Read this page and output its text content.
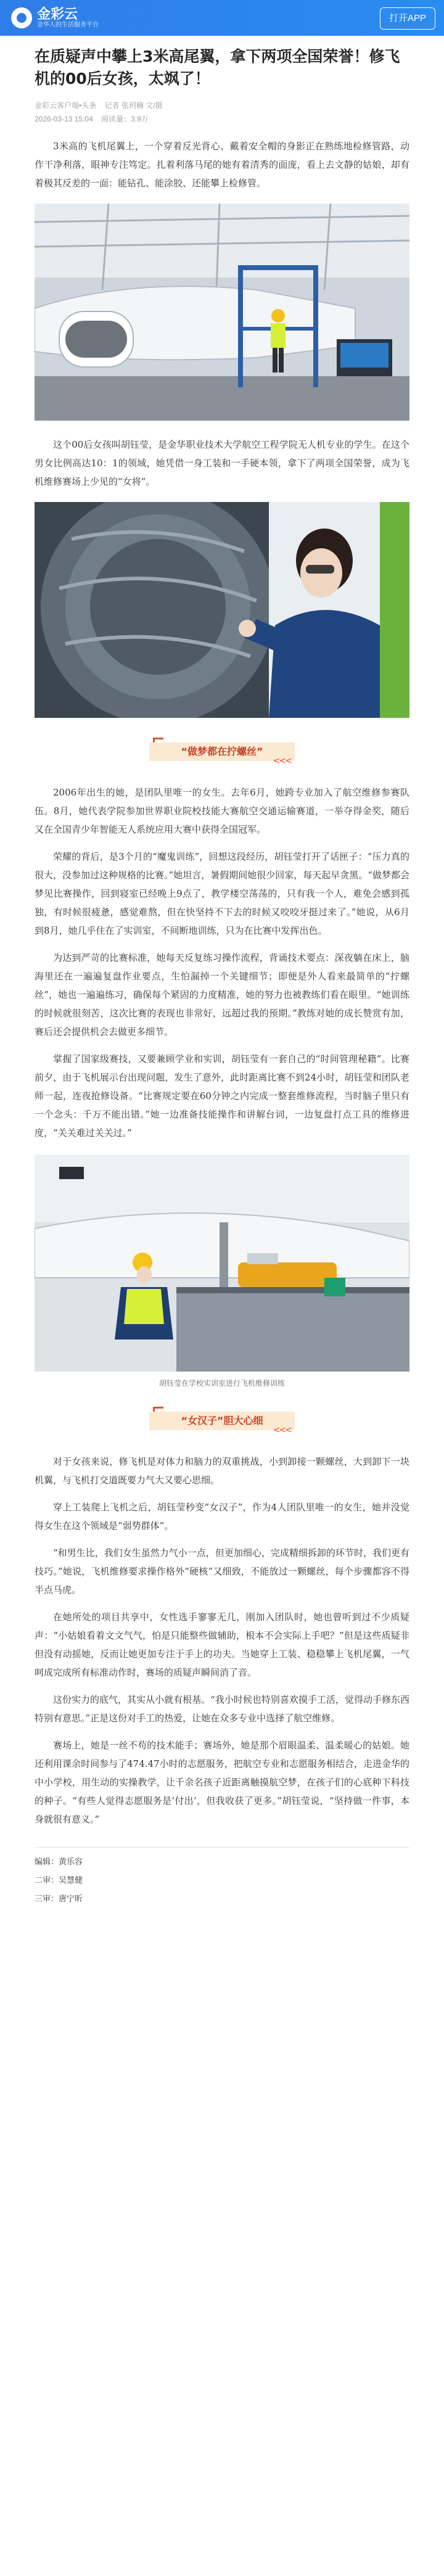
金彩云
金华人的生活服务平台
打开APP
在质疑声中攀上3米高尾翼，拿下两项全国荣誉！修飞机的00后女孩，太飒了！
金彩云客户端•头条 记者 张玥楠 文/摄
2026-03-13 15:04 阅读量：3.9万

3米高的飞机尾翼上，一个穿着反光背心、戴着安全帽的身影正在熟练地检修管路，动作干净利落，眼神专注笃定。扎着利落马尾的她有着清秀的面庞，看上去文静的姑娘，却有着极其反差的一面：能钻孔、能涂胶、还能攀上检修管。

这个00后女孩叫胡钰莹，是金华职业技术大学航空工程学院无人机专业的学生。在这个男女比例高达10：1的领域，她凭借一身工装和一手硬本领，拿下了两项全国荣誉，成为飞机维修赛场上少见的“女将”。

“做梦都在拧螺丝”
<<<

2006年出生的她，是团队里唯一的女生。去年6月，她跨专业加入了航空维修参赛队伍。8月，她代表学院参加世界职业院校技能大赛航空交通运输赛道，一举夺得金奖，随后又在全国青少年智能无人系统应用大赛中获得全国冠军。

荣耀的背后，是3个月的“魔鬼训练”，回想这段经历，胡钰莹打开了话匣子：“压力真的很大，没参加过这种规格的比赛。”她坦言，暑假期间她很少回家，每天起早贪黑。“做梦都会梦见比赛操作，回到寝室已经晚上9点了，教学楼空荡荡的，只有我一个人，难免会感到孤独，有时候很疲惫，感觉难熬，但在快坚持不下去的时候又咬咬牙挺过来了。”她说，从6月到8月，她几乎住在了实训室，不间断地训练，只为在比赛中发挥出色。

为达到严苛的比赛标准，她每天反复练习操作流程，背诵技术要点：深夜躺在床上，脑海里还在一遍遍复盘作业要点，生怕漏掉一个关键细节；即便是外人看来最简单的“拧螺丝”，她也一遍遍练习，确保每个紧固的力度精准，她的努力也被教练们看在眼里。“她训练的时候就很刻苦，这次比赛的表现也非常好，远超过我的预期。”教练对她的成长赞赏有加，赛后还会提供机会去做更多细节。

掌握了国家级赛技，又要兼顾学业和实训，胡钰莹有一套自己的“时间管理秘籍”。比赛前夕，由于飞机展示台出现问题，发生了意外，此时距离比赛不到24小时，胡钰莹和团队老师一起，连夜抢修设备。“比赛规定要在60分钟之内完成一整套维修流程，当时脑子里只有一个念头：千万不能出错。”她一边准备技能操作和讲解台词，一边复盘打点工具的维修进度，“关关难过关关过。”

胡钰莹在学校实训室进行飞机维修训练
“女汉子”胆大心细
<<<

对于女孩来说，修飞机是对体力和脑力的双重挑战，小到卸接一颗螺丝，大到卸下一块机翼，与飞机打交道既要力气大又要心思细。

穿上工装爬上飞机之后，胡钰莹秒变“女汉子”，作为4人团队里唯一的女生，她并没觉得女生在这个领域是“弱势群体”。

“和男生比，我们女生虽然力气小一点，但更加细心，完成精细拆卸的环节时，我们更有技巧。”她说，飞机维修要求操作格外“硬核”又细致，不能放过一颗螺丝，每个步骤都容不得半点马虎。

在她所处的项目共享中，女性选手寥寥无几，刚加入团队时，她也曾听到过不少质疑声：“小姑娘看着文文气气，怕是只能整些做辅助，根本不会实际上手吧？”但是这些质疑非但没有动摇她，反而让她更加专注于手上的功夫。当她穿上工装、稳稳攀上飞机尾翼，一气呵成完成所有标准动作时，赛场的质疑声瞬间消了音。

这份实力的底气，其实从小就有根基。“我小时候也特别喜欢摸手工活，觉得动手修东西特别有意思。”正是这份对手工的热爱，让她在众多专业中选择了航空维修。

赛场上，她是一丝不苟的技术能手；赛场外，她是那个眉眼温柔、温柔暖心的姑娘。她还利用课余时间参与了474.47小时的志愿服务，把航空专业和志愿服务相结合，走进金华的中小学校，用生动的实操教学，让千余名孩子近距离触摸航空梦，在孩子们的心底种下科技的种子。“有些人觉得志愿服务是‘付出’，但我收获了更多。”胡钰莹说，“坚持做一件事，本身就很有意义。”

编辑：黄乐容
二审：吴慧健
三审：唐宁昕
